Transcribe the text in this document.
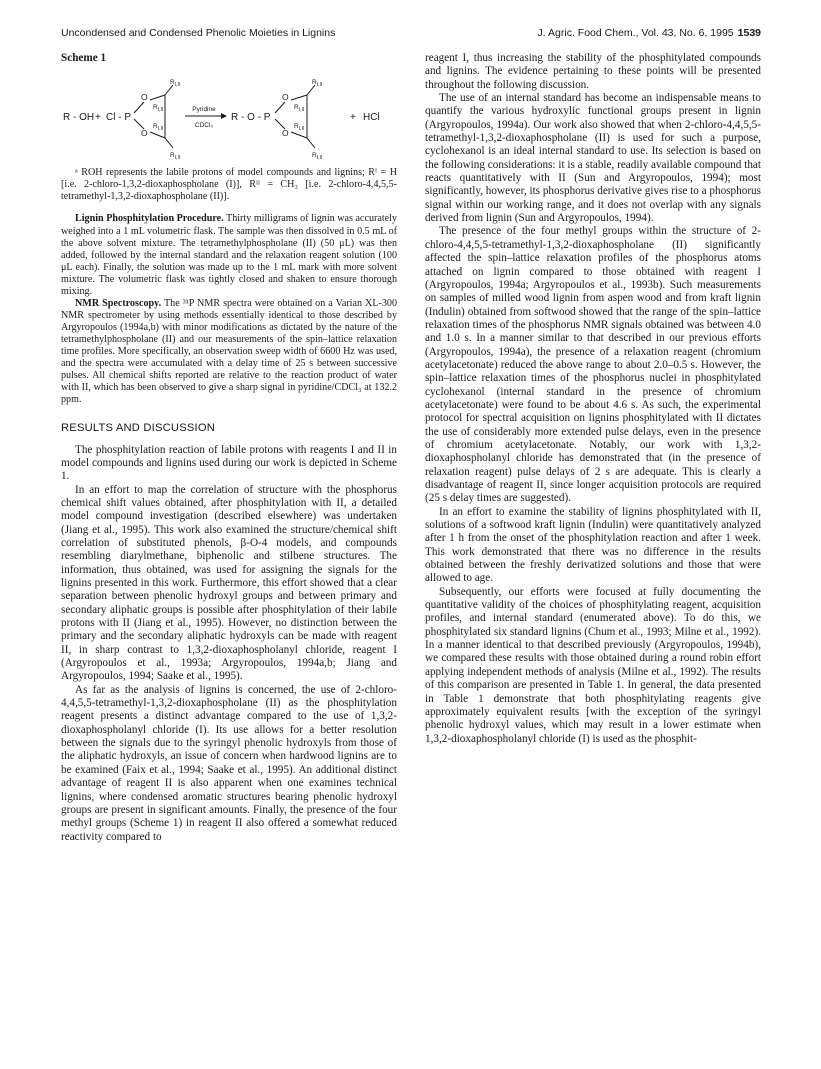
Uncondensed and Condensed Phenolic Moieties in Lignins	J. Agric. Food Chem., Vol. 43, No. 6, 1995 1539
Scheme 1
R - OH + Cl - P
O
O
$R_{I,II}$
$R_{I,II}$
$R_{I,II}$
$R_{I,II}$
Pyridine
CDCl₃
R - O - P
O
O
$R_{I,II}$
$R_{I,II}$
$R_{I,II}$
$R_{I,II}$
+ HCl

ᵃ ROH represents the labile protons of model compounds and lignins; Rᴵ = H [i.e. 2-chloro-1,3,2-dioxaphospholane (I)], Rᴵᴵ = CH₃ [i.e. 2-chloro-4,4,5,5-tetramethyl-1,3,2-dioxaphospholane (II)].

Lignin Phosphitylation Procedure. Thirty milligrams of lignin was accurately weighed into a 1 mL volumetric flask. The sample was then dissolved in 0.5 mL of the above solvent mixture. The tetramethylphospholane (II) (50 μL) was then added, followed by the internal standard and the relaxation reagent solution (100 μL each). Finally, the solution was made up to the 1 mL mark with more solvent mixture. The volumetric flask was tightly closed and shaken to ensure thorough mixing.

NMR Spectroscopy. The ³¹P NMR spectra were obtained on a Varian XL-300 NMR spectrometer by using methods essentially identical to those described by Argyropoulos (1994a,b) with minor modifications as dictated by the nature of the tetramethylphospholane (II) and our measurements of the spin–lattice relaxation time profiles. More specifically, an observation sweep width of 6600 Hz was used, and the spectra were accumulated with a delay time of 25 s between successive pulses. All chemical shifts reported are relative to the reaction product of water with II, which has been observed to give a sharp signal in pyridine/CDCl₃ at 132.2 ppm.

RESULTS AND DISCUSSION

The phosphitylation reaction of labile protons with reagents I and II in model compounds and lignins used during our work is depicted in Scheme 1.

In an effort to map the correlation of structure with the phosphorus chemical shift values obtained, after phosphitylation with II, a detailed model compound investigation (described elsewhere) was undertaken (Jiang et al., 1995). This work also examined the structure/chemical shift correlation of substituted phenols, β-O-4 models, and compounds resembling diarylmethane, biphenolic and stilbene structures. The information, thus obtained, was used for assigning the signals for the lignins presented in this work. Furthermore, this effort showed that a clear separation between phenolic hydroxyl groups and between primary and secondary aliphatic groups is possible after phosphitylation of their labile protons with II (Jiang et al., 1995). However, no distinction between the primary and the secondary aliphatic hydroxyls can be made with reagent II, in sharp contrast to 1,3,2-dioxaphospholanyl chloride, reagent I (Argyropoulos et al., 1993a; Argyropoulos, 1994a,b; Jiang and Argyropoulos, 1994; Saake et al., 1995).

As far as the analysis of lignins is concerned, the use of 2-chloro-4,4,5,5-tetramethyl-1,3,2-dioxaphospholane (II) as the phosphitylation reagent presents a distinct advantage compared to the use of 1,3,2-dioxaphospholanyl chloride (I). Its use allows for a better resolution between the signals due to the syringyl phenolic hydroxyls from those of the aliphatic hydroxyls, an issue of concern when hardwood lignins are to be examined (Faix et al., 1994; Saake et al., 1995). An additional distinct advantage of reagent II is also apparent when one examines technical lignins, where condensed aromatic structures bearing phenolic hydroxyl groups are present in significant amounts. Finally, the presence of the four methyl groups (Scheme 1) in reagent II also offered a somewhat reduced reactivity compared to

reagent I, thus increasing the stability of the phosphitylated compounds and lignins. The evidence pertaining to these points will be presented throughout the following discussion.

The use of an internal standard has become an indispensable means to quantify the various hydroxylic functional groups present in lignin (Argyropoulos, 1994a). Our work also showed that when 2-chloro-4,4,5,5-tetramethyl-1,3,2-dioxaphospholane (II) is used for such a purpose, cyclohexanol is an ideal internal standard to use. Its selection is based on the following considerations: it is a stable, readily available compound that reacts quantitatively with II (Sun and Argyropoulos, 1994); most significantly, however, its phosphorus derivative gives rise to a phosphorus signal within our working range, and it does not overlap with any signals derived from lignin (Sun and Argyropoulos, 1994).

The presence of the four methyl groups within the structure of 2-chloro-4,4,5,5-tetramethyl-1,3,2-dioxaphospholane (II) significantly affected the spin–lattice relaxation profiles of the phosphorus atoms attached on lignin compared to those obtained with reagent I (Argyropoulos, 1994a; Argyropoulos et al., 1993b). Such measurements on samples of milled wood lignin from aspen wood and from kraft lignin (Indulin) obtained from softwood showed that the range of the spin–lattice relaxation times of the phosphorus NMR signals obtained was between 4.0 and 1.0 s. In a manner similar to that described in our previous efforts (Argyropoulos, 1994a), the presence of a relaxation reagent (chromium acetylacetonate) reduced the above range to about 2.0–0.5 s. However, the spin–lattice relaxation times of the phosphorus nuclei in phosphitylated cyclohexanol (internal standard in the presence of chromium acetylacetonate) were found to be about 4.6 s. As such, the experimental protocol for spectral acquisition on lignins phosphitylated with II dictates the use of considerably more extended pulse delays, even in the presence of chromium acetylacetonate. Notably, our work with 1,3,2-dioxaphospholanyl chloride has demonstrated that (in the presence of relaxation reagent) pulse delays of 2 s are adequate. This is clearly a disadvantage of reagent II, since longer acquisition protocols are required (25 s delay times are suggested).

In an effort to examine the stability of lignins phosphitylated with II, solutions of a softwood kraft lignin (Indulin) were quantitatively analyzed after 1 h from the onset of the phosphitylation reaction and after 1 week. This work demonstrated that there was no difference in the results obtained between the freshly derivatized solutions and those that were allowed to age.

Subsequently, our efforts were focused at fully documenting the quantitative validity of the choices of phosphitylating reagent, acquisition profiles, and internal standard (enumerated above). To do this, we phosphitylated six standard lignins (Chum et al., 1993; Milne et al., 1992). In a manner identical to that described previously (Argyropoulos, 1994b), we compared these results with those obtained during a round robin effort applying independent methods of analysis (Milne et al., 1992). The results of this comparison are presented in Table 1. In general, the data presented in Table 1 demonstrate that both phosphitylating reagents give approximately equivalent results [with the exception of the syringyl phenolic hydroxyl values, which may result in a lower estimate when 1,3,2-dioxaphospholanyl chloride (I) is used as the phosphit-
